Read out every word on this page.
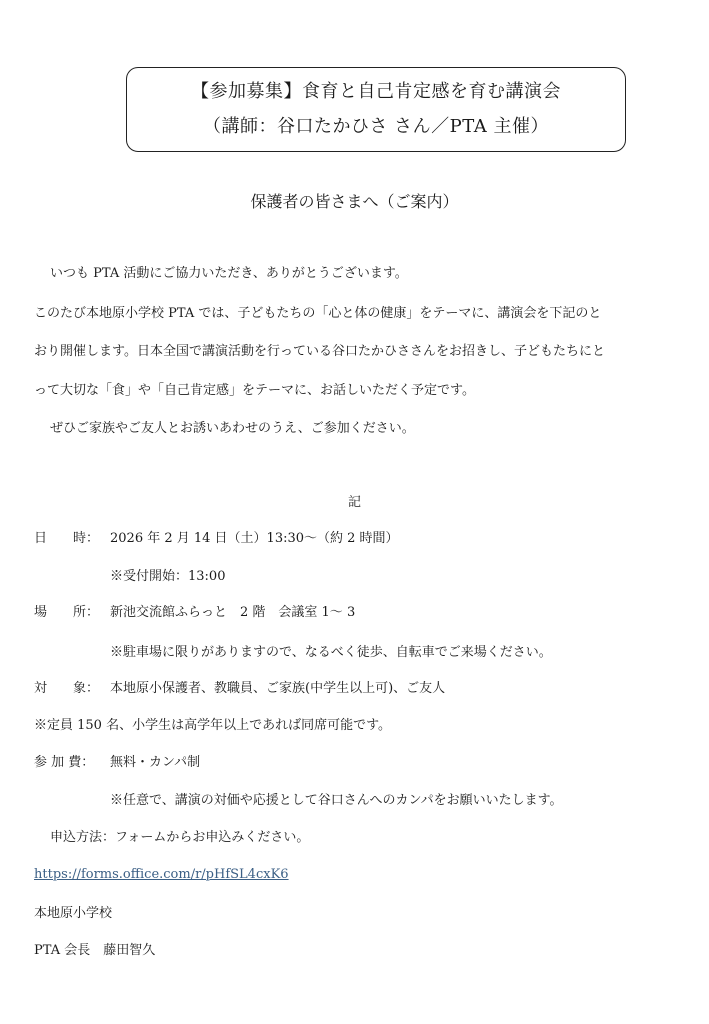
【参加募集】食育と自己肯定感を育む講演会
（講師：谷口たかひさ さん／PTA 主催）
保護者の皆さまへ（ご案内）
いつも PTA 活動にご協力いただき、ありがとうございます。
このたび本地原小学校 PTA では、子どもたちの「心と体の健康」をテーマに、講演会を下記のと
おり開催します。日本全国で講演活動を行っている谷口たかひささんをお招きし、子どもたちにと
って大切な「食」や「自己肯定感」をテーマに、お話しいただく予定です。
ぜひご家族やご友人とお誘いあわせのうえ、ご参加ください。
記
日　　時： 2026 年 2 月 14 日（土）13:30～（約 2 時間）
※受付開始：13:00
場　　所： 新池交流館ふらっと　2 階　会議室 1～ 3
※駐車場に限りがありますので、なるべく徒歩、自転車でご来場ください。
対　　象： 本地原小保護者、教職員、ご家族(中学生以上可)、ご友人
※定員 150 名、小学生は高学年以上であれば同席可能です。
参 加 費： 無料・カンパ制
※任意で、講演の対価や応援として谷口さんへのカンパをお願いいたします。
申込方法：フォームからお申込みください。
https://forms.office.com/r/pHfSL4cxK6
本地原小学校
PTA 会長　藤田智久
